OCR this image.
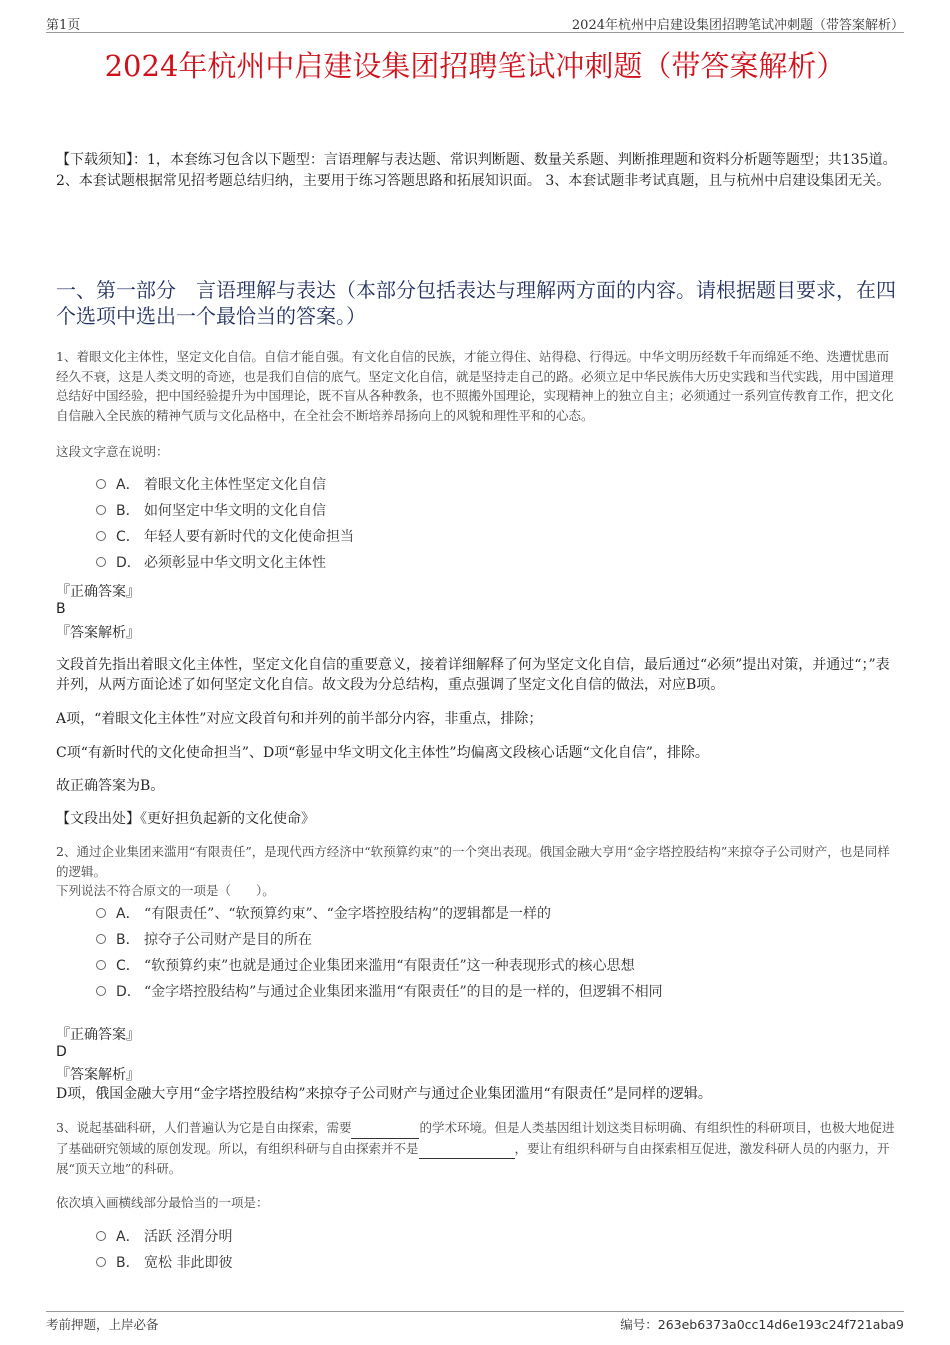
第1页	2024年杭州中启建设集团招聘笔试冲刺题（带答案解析）
2024年杭州中启建设集团招聘笔试冲刺题（带答案解析）
【下载须知】：1，本套练习包含以下题型：言语理解与表达题、常识判断题、数量关系题、判断推理题和资料分析题等题型；共135道。 2、本套试题根据常见招考题总结归纳，主要用于练习答题思路和拓展知识面。 3、本套试题非考试真题，且与杭州中启建设集团无关。
一、第一部分　言语理解与表达（本部分包括表达与理解两方面的内容。请根据题目要求，在四个选项中选出一个最恰当的答案。）
1、着眼文化主体性，坚定文化自信。自信才能自强。有文化自信的民族，才能立得住、站得稳、行得远。中华文明历经数千年而绵延不绝、迭遭忧患而经久不衰，这是人类文明的奇迹，也是我们自信的底气。坚定文化自信，就是坚持走自己的路。必须立足中华民族伟大历史实践和当代实践，用中国道理总结好中国经验，把中国经验提升为中国理论，既不盲从各种教条，也不照搬外国理论，实现精神上的独立自主；必须通过一系列宣传教育工作，把文化自信融入全民族的精神气质与文化品格中，在全社会不断培养昂扬向上的风貌和理性平和的心态。
这段文字意在说明：
A． 着眼文化主体性坚定文化自信
B． 如何坚定中华文明的文化自信
C． 年轻人要有新时代的文化使命担当
D． 必须彰显中华文明文化主体性
『正确答案』
B
『答案解析』
文段首先指出着眼文化主体性，坚定文化自信的重要意义，接着详细解释了何为坚定文化自信，最后通过“必须”提出对策，并通过“；”表并列，从两方面论述了如何坚定文化自信。故文段为分总结构，重点强调了坚定文化自信的做法，对应B项。
A项，“着眼文化主体性”对应文段首句和并列的前半部分内容，非重点，排除；
C项“有新时代的文化使命担当”、D项“彰显中华文明文化主体性”均偏离文段核心话题“文化自信”，排除。
故正确答案为B。
【文段出处】《更好担负起新的文化使命》
2、通过企业集团来滥用“有限责任”，是现代西方经济中“软预算约束”的一个突出表现。俄国金融大亨用“金字塔控股结构”来掠夺子公司财产，也是同样的逻辑。
下列说法不符合原文的一项是（　　）。
A． “有限责任”、“软预算约束”、“金字塔控股结构”的逻辑都是一样的
B． 掠夺子公司财产是目的所在
C． “软预算约束”也就是通过企业集团来滥用“有限责任”这一种表现形式的核心思想
D． “金字塔控股结构”与通过企业集团来滥用“有限责任”的目的是一样的，但逻辑不相同
『正确答案』
D
『答案解析』
D项，俄国金融大亨用“金字塔控股结构”来掠夺子公司财产与通过企业集团滥用“有限责任”是同样的逻辑。
3、说起基础科研，人们普遍认为它是自由探索，需要	的学术环境。但是人类基因组计划这类目标明确、有组织性的科研项目，也极大地促进了基础研究领域的原创发现。所以，有组织科研与自由探索并不是	，要让有组织科研与自由探索相互促进，激发科研人员的内驱力，开展“顶天立地”的科研。
依次填入画横线部分最恰当的一项是：
A． 活跃 泾渭分明
B． 宽松 非此即彼
考前押题，上岸必备	编号：263eb6373a0cc14d6e193c24f721aba9
